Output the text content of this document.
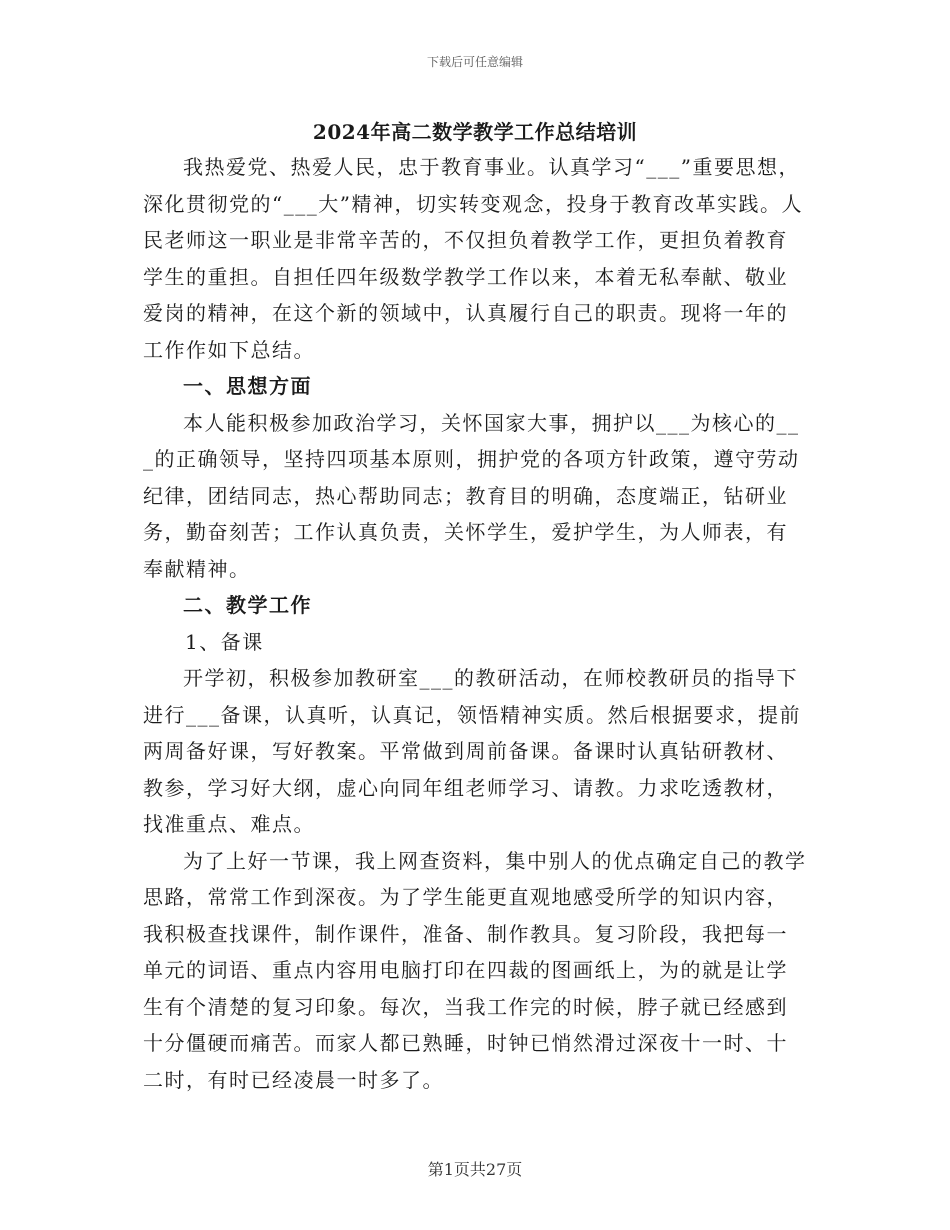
下载后可任意编辑
2024年高二数学教学工作总结培训

我热爱党、热爱人民，忠于教育事业。认真学习“___”重要思想，深化贯彻党的“___大”精神，切实转变观念，投身于教育改革实践。人民老师这一职业是非常辛苦的，不仅担负着教学工作，更担负着教育学生的重担。自担任四年级数学教学工作以来，本着无私奉献、敬业爱岗的精神，在这个新的领域中，认真履行自己的职责。现将一年的工作作如下总结。

一、思想方面

本人能积极参加政治学习，关怀国家大事，拥护以___为核心的___的正确领导，坚持四项基本原则，拥护党的各项方针政策，遵守劳动纪律，团结同志，热心帮助同志；教育目的明确，态度端正，钻研业务，勤奋刻苦；工作认真负责，关怀学生，爱护学生，为人师表，有奉献精神。

二、教学工作

1、备课

开学初，积极参加教研室___的教研活动，在师校教研员的指导下进行___备课，认真听，认真记，领悟精神实质。然后根据要求，提前两周备好课，写好教案。平常做到周前备课。备课时认真钻研教材、教参，学习好大纲，虚心向同年组老师学习、请教。力求吃透教材，找准重点、难点。

为了上好一节课，我上网查资料，集中别人的优点确定自己的教学思路，常常工作到深夜。为了学生能更直观地感受所学的知识内容，我积极查找课件，制作课件，准备、制作教具。复习阶段，我把每一单元的词语、重点内容用电脑打印在四裁的图画纸上，为的就是让学生有个清楚的复习印象。每次，当我工作完的时候，脖子就已经感到十分僵硬而痛苦。而家人都已熟睡，时钟已悄然滑过深夜十一时、十二时，有时已经凌晨一时多了。

第1页共27页
